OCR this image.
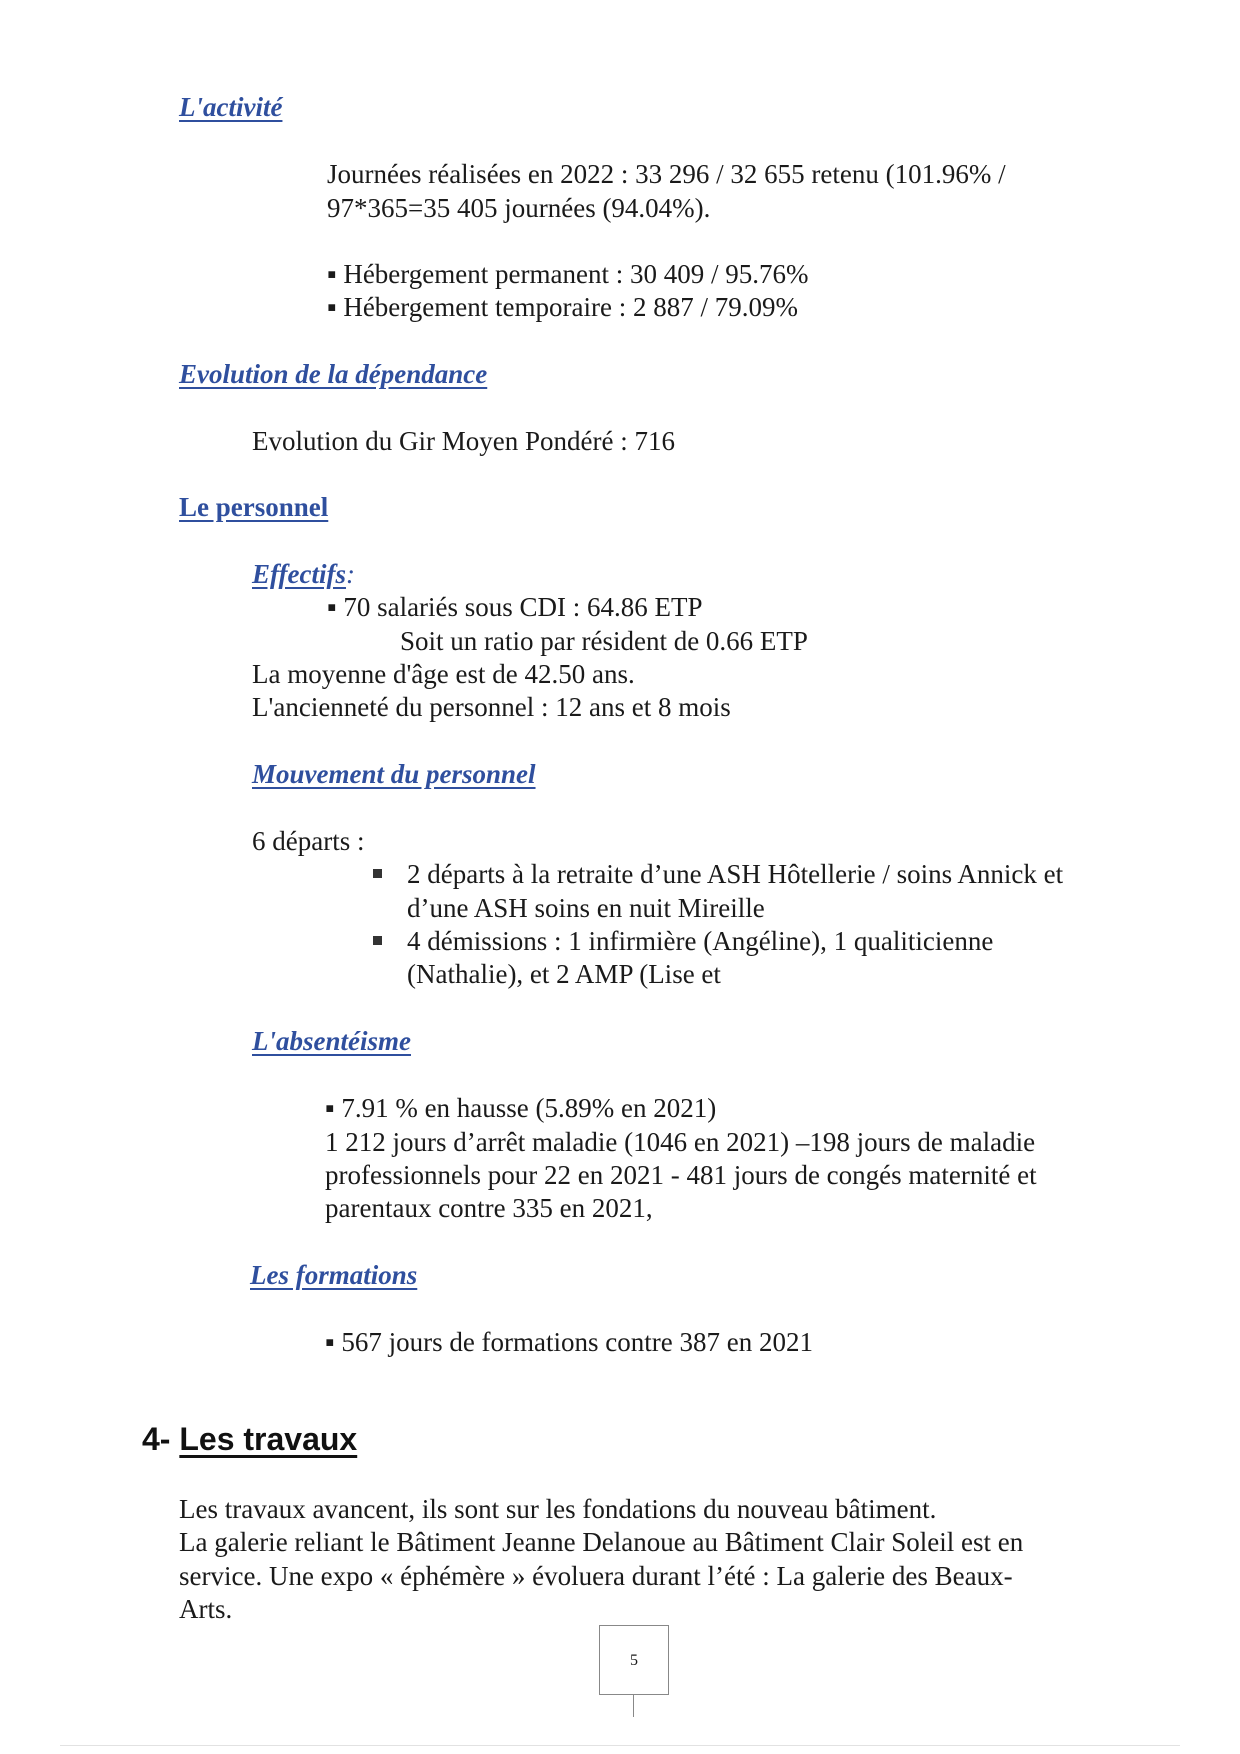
L'activité
Journées réalisées en 2022 : 33 296 / 32 655 retenu (101.96% /
97*365=35 405 journées (94.04%).
▪ Hébergement permanent : 30 409 / 95.76%
▪ Hébergement temporaire : 2 887 / 79.09%
Evolution de la dépendance
Evolution du Gir Moyen Pondéré : 716
Le personnel
Effectifs:
▪ 70 salariés sous CDI : 64.86 ETP
Soit un ratio par résident de 0.66 ETP
La moyenne d'âge est de 42.50 ans.
L'ancienneté du personnel : 12 ans et 8 mois
Mouvement du personnel
6 départs :
2 départs à la retraite d’une ASH Hôtellerie / soins Annick et
d’une ASH soins en nuit Mireille
4 démissions : 1 infirmière (Angéline), 1 qualiticienne
(Nathalie), et 2 AMP (Lise et
L'absentéisme
▪ 7.91 % en hausse (5.89% en 2021)
1 212 jours d’arrêt maladie (1046 en 2021) –198 jours de maladie
professionnels pour 22 en 2021 - 481 jours de congés maternité et
parentaux contre 335 en 2021,
Les formations
▪ 567 jours de formations contre 387 en 2021
4- Les travaux
Les travaux avancent, ils sont sur les fondations du nouveau bâtiment.
La galerie reliant le Bâtiment Jeanne Delanoue au Bâtiment Clair Soleil est en
service. Une expo « éphémère » évoluera durant l’été : La galerie des Beaux-
Arts.
5
